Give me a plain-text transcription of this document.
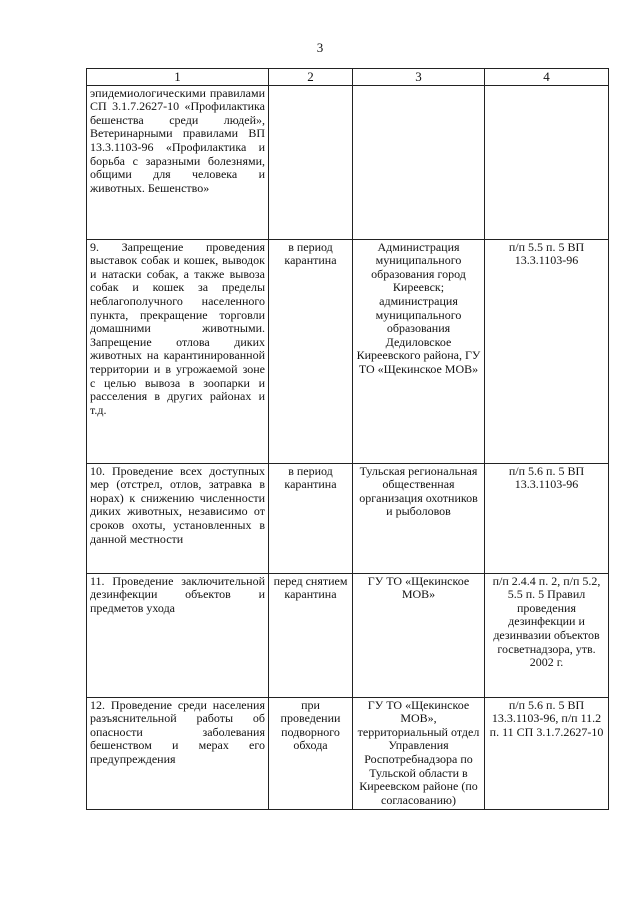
3
1	2	3	4
эпидемиологическими правилами СП 3.1.7.2627-10 «Профилактика бешенства среди людей», Ветеринарными правилами ВП 13.3.1103-96 «Профилактика и борьба с заразными болезнями, общими для человека и животных. Бешенство»			
9. Запрещение проведения выставок собак и кошек, выводок и натаски собак, а также вывоза собак и кошек за пределы неблагополучного населенного пункта, прекращение торговли домашними животными. Запрещение отлова диких животных на карантинированной территории и в угрожаемой зоне с целью вывоза в зоопарки и расселения в других районах и т.д.	в период карантина	Администрация муниципального образования город Киреевск; администрация муниципального образования Дедиловское Киреевского района, ГУ ТО «Щекинское МОВ»	п/п 5.5 п. 5 ВП 13.3.1103-96
10. Проведение всех доступных мер (отстрел, отлов, затравка в норах) к снижению численности диких животных, независимо от сроков охоты, установленных в данной местности	в период карантина	Тульская региональная общественная организация охотников и рыболовов	п/п 5.6 п. 5 ВП 13.3.1103-96
11. Проведение заключительной дезинфекции объектов и предметов ухода	перед снятием карантина	ГУ ТО «Щекинское МОВ»	п/п 2.4.4 п. 2, п/п 5.2, 5.5 п. 5 Правил проведения дезинфекции и дезинвазии объектов госветнадзора, утв. 2002 г.
12. Проведение среди населения разъяснительной работы об опасности заболевания бешенством и мерах его предупреждения	при проведении подворного обхода	ГУ ТО «Щекинское МОВ», территориальный отдел Управления Роспотребнадзора по Тульской области в Киреевском районе (по согласованию)	п/п 5.6 п. 5 ВП 13.3.1103-96, п/п 11.2 п. 11 СП 3.1.7.2627-10
